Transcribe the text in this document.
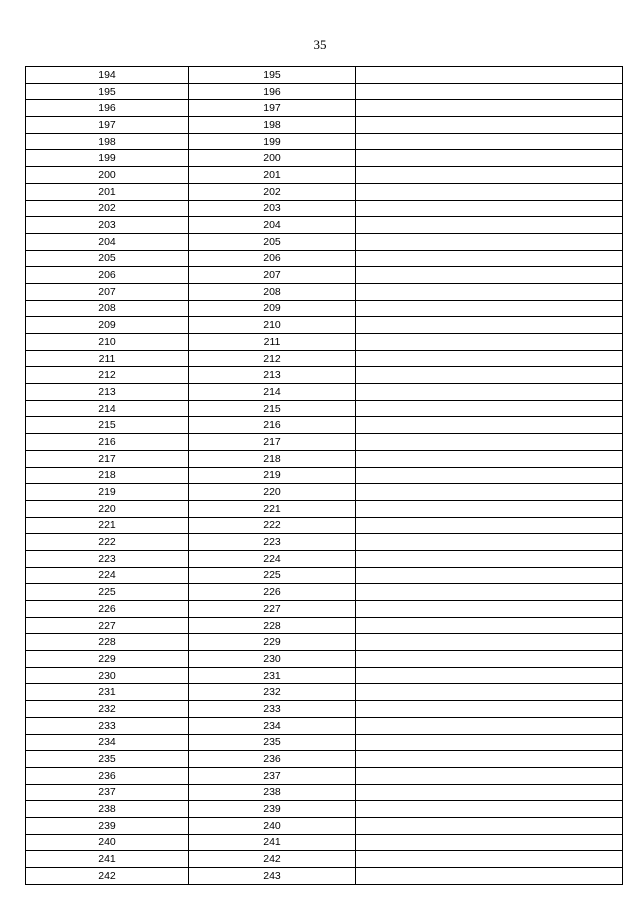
35
194	195	
195	196	
196	197	
197	198	
198	199	
199	200	
200	201	
201	202	
202	203	
203	204	
204	205	
205	206	
206	207	
207	208	
208	209	
209	210	
210	211	
211	212	
212	213	
213	214	
214	215	
215	216	
216	217	
217	218	
218	219	
219	220	
220	221	
221	222	
222	223	
223	224	
224	225	
225	226	
226	227	
227	228	
228	229	
229	230	
230	231	
231	232	
232	233	
233	234	
234	235	
235	236	
236	237	
237	238	
238	239	
239	240	
240	241	
241	242	
242	243	
